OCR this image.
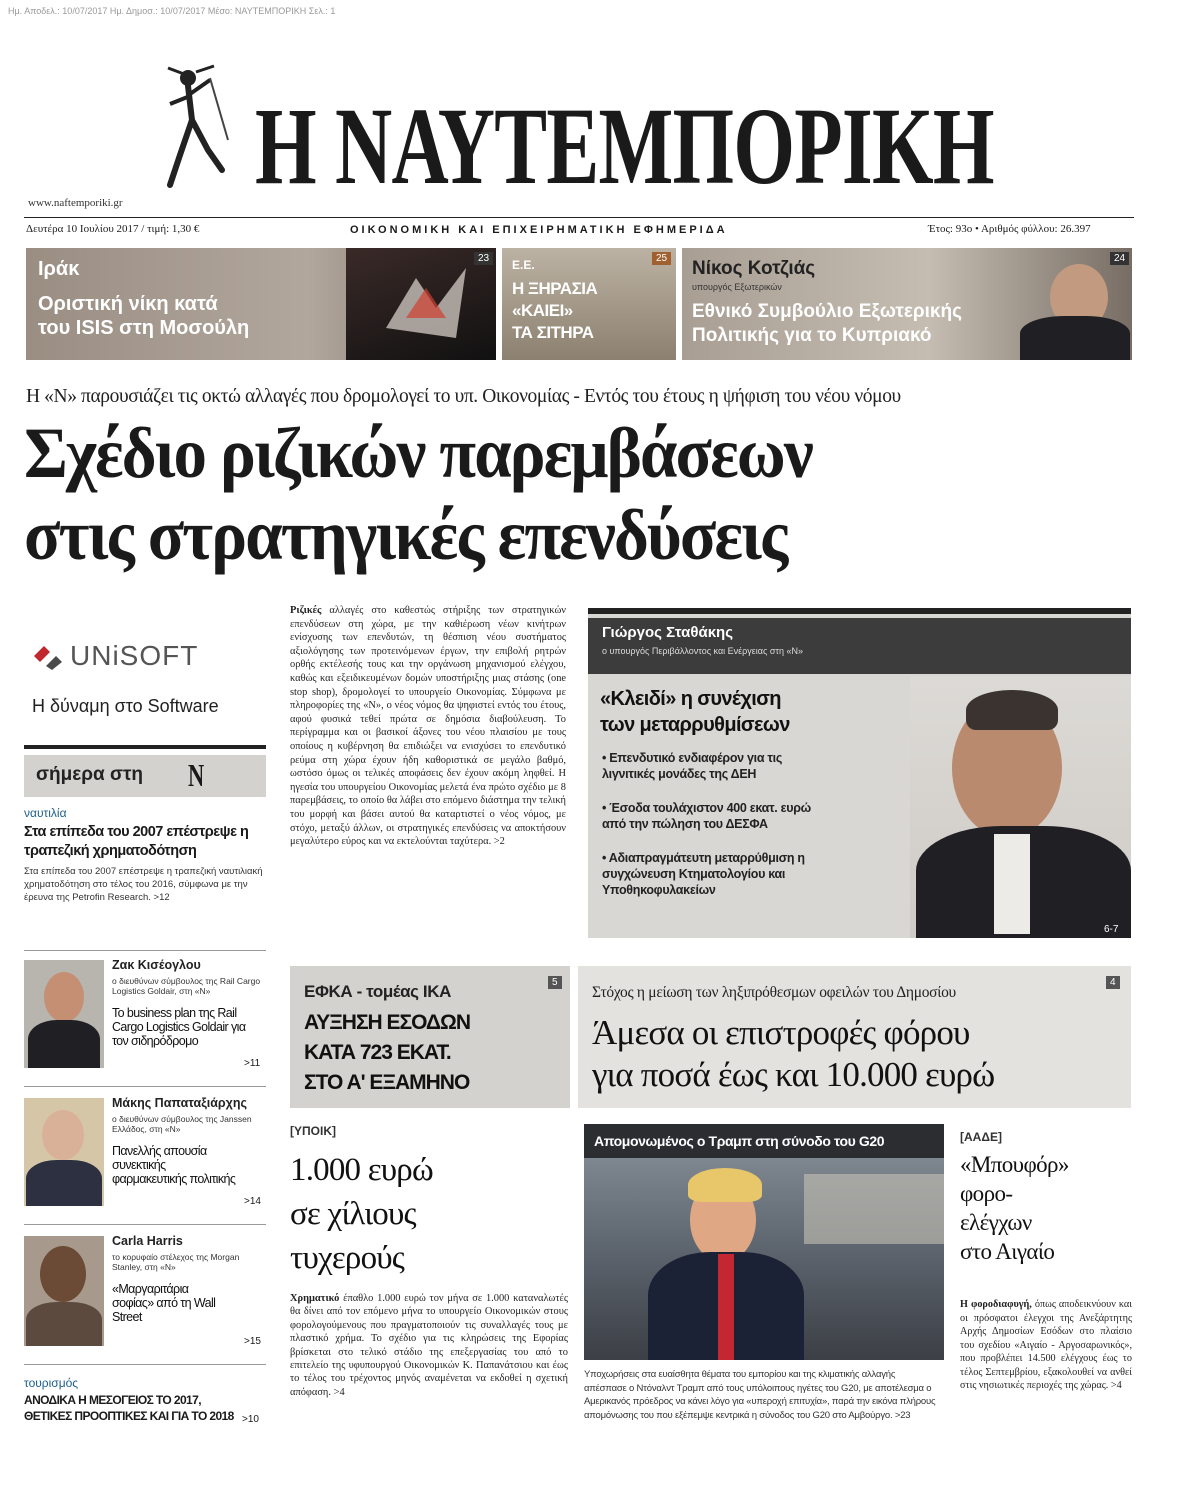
Ημ. Αποδελ.: 10/07/2017 Ημ. Δημοσ.: 10/07/2017 Μέσο: ΝΑΥΤΕΜΠΟΡΙΚΗ Σελ.: 1
Η ΝΑΥΤΕΜΠΟΡΙΚΗ
www.naftemporiki.gr
Δευτέρα 10 Ιουλίου 2017 / τιμή: 1,30 €	ΟΙΚΟΝΟΜΙΚΗ ΚΑΙ ΕΠΙΧΕΙΡΗΜΑΤΙΚΗ ΕΦΗΜΕΡΙΔΑ	Έτος: 93ο • Αριθμός φύλλου: 26.397
Ιράκ
Οριστική νίκη κατά
του ISIS στη Μοσούλη
23	Ε.Ε.
Η ΞΗΡΑΣΙΑ
«ΚΑΙΕΙ»
ΤΑ ΣΙΤΗΡΑ
25 Νίκος Κοτζιάς
υπουργός Εξωτερικών
Εθνικό Συμβούλιο Εξωτερικής
Πολιτικής για το Κυπριακό
24
Η «Ν» παρουσιάζει τις οκτώ αλλαγές που δρομολογεί το υπ. Οικονομίας - Εντός του έτους η ψήφιση του νέου νόμου
Σχέδιο ριζικών παρεμβάσεων
στις στρατηγικές επενδύσεις
UNiSOFT
Η δύναμη στο Software
σήμερα στη N
ναυτιλία
Στα επίπεδα του 2007 επέστρεψε η τραπεζική χρηματοδότηση
Στα επίπεδα του 2007 επέστρεψε η τραπεζική ναυτιλιακή χρηματοδότηση στο τέλος του 2016, σύμφωνα με την έρευνα της Petrofin Research. >12
Ζακ Κισέογλου
ο διευθύνων σύμβουλος της Rail Cargo Logistics Goldair, στη «Ν»
To business plan της Rail Cargo Logistics Goldair για τον σιδηρόδρομο
>11
Μάκης Παπαταξιάρχης
ο διευθύνων σύμβουλος της Janssen Ελλάδος, στη «Ν»
Πανελλής απουσία συνεκτικής φαρμακευτικής πολιτικής
>14
Carla Harris
το κορυφαίο στέλεχος της Morgan Stanley, στη «Ν»
«Μαργαριτάρια σοφίας» από τη Wall Street
>15
τουρισμός
ΑΝΟΔΙΚΑ Η ΜΕΣΟΓΕΙΟΣ ΤΟ 2017, ΘΕΤΙΚΕΣ ΠΡΟΟΠΤΙΚΕΣ ΚΑΙ ΓΙΑ ΤΟ 2018 >10
Ριζικές αλλαγές στο καθεστώς στήριξης των στρατηγικών επενδύσεων στη χώρα, με την καθιέρωση νέων κινήτρων ενίσχυσης των επενδυτών, τη θέσπιση νέου συστήματος αξιολόγησης των προτεινόμενων έργων, την επιβολή ρητρών ορθής εκτέλεσής τους και την οργάνωση μηχανισμού ελέγχου, καθώς και εξειδικευμένων δομών υποστήριξης μιας στάσης (one stop shop), δρομολογεί το υπουργείο Οικονομίας. Σύμφωνα με πληροφορίες της «Ν», ο νέος νόμος θα ψηφιστεί εντός του έτους, αφού φυσικά τεθεί πρώτα σε δημόσια διαβούλευση. Το περίγραμμα και οι βασικοί άξονες του νέου πλαισίου με τους οποίους η κυβέρνηση θα επιδιώξει να ενισχύσει το επενδυτικό ρεύμα στη χώρα έχουν ήδη καθοριστικά σε μεγάλο βαθμό, ωστόσο όμως οι τελικές αποφάσεις δεν έχουν ακόμη ληφθεί. Η ηγεσία του υπουργείου Οικονομίας μελετά ένα πρώτο σχέδιο με 8 παρεμβάσεις, το οποίο θα λάβει στο επόμενο διάστημα την τελική του μορφή και βάσει αυτού θα καταρτιστεί ο νέος νόμος, με στόχο, μεταξύ άλλων, οι στρατηγικές επενδύσεις να αποκτήσουν μεγαλύτερο εύρος και να εκτελούνται ταχύτερα. >2
Γιώργος Σταθάκης
ο υπουργός Περιβάλλοντος και Ενέργειας στη «Ν»
«Κλειδί» η συνέχιση
των μεταρρυθμίσεων
• Επενδυτικό ενδιαφέρον για τις λιγνιτικές μονάδες της ΔΕΗ
• Έσοδα τουλάχιστον 400 εκατ. ευρώ από την πώληση του ΔΕΣΦΑ
• Αδιαπραγμάτευτη μεταρρύθμιση η συγχώνευση Κτηματολογίου και Υποθηκοφυλακείων
6-7
ΕΦΚΑ - τομέας ΙΚΑ
ΑΥΞΗΣΗ ΕΣΟΔΩΝ
ΚΑΤΑ 723 ΕΚΑΤ.
ΣΤΟ Α' ΕΞΑΜΗΝΟ
5
Στόχος η μείωση των ληξιπρόθεσμων οφειλών του Δημοσίου
Άμεσα οι επιστροφές φόρου
για ποσά έως και 10.000 ευρώ
4
[ΥΠΟΙΚ]
1.000 ευρώ
σε χίλιους
τυχερούς
Χρηματικό έπαθλο 1.000 ευρώ τον μήνα σε 1.000 καταναλωτές θα δίνει από τον επόμενο μήνα το υπουργείο Οικονομικών στους φορολογούμενους που πραγματοποιούν τις συναλλαγές τους με πλαστικό χρήμα. Το σχέδιο για τις κληρώσεις της Εφορίας βρίσκεται στο τελικό στάδιο της επεξεργασίας του από το επιτελείο της υφυπουργού Οικονομικών Κ. Παπανάτσιου και έως το τέλος του τρέχοντος μηνός αναμένεται να εκδοθεί η σχετική απόφαση. >4
Απομονωμένος ο Τραμπ στη σύνοδο του G20
Υποχωρήσεις στα ευαίσθητα θέματα του εμπορίου και της κλιματικής αλλαγής απέσπασε ο Ντόναλντ Τραμπ από τους υπόλοιπους ηγέτες του G20, με αποτέλεσμα ο Αμερικανός πρόεδρος να κάνει λόγο για «υπεροχή επιτυχία», παρά την εικόνα πλήρους απομόνωσης του που εξέπεμψε κεντρικά η σύνοδος του G20 στο Αμβούργο. >23
[ΑΑΔΕ]
«Μπουφόρ»
φορο-
ελέγχων
στο Αιγαίο
Η φοροδιαφυγή, όπως αποδεικνύουν και οι πρόσφατοι έλεγχοι της Ανεξάρτητης Αρχής Δημοσίων Εσόδων στο πλαίσιο του σχεδίου «Αιγαίο - Αργοσαρωνικός», που προβλέπει 14.500 ελέγχους έως το τέλος Σεπτεμβρίου, εξακολουθεί να ανθεί στις νησιωτικές περιοχές της χώρας. >4
